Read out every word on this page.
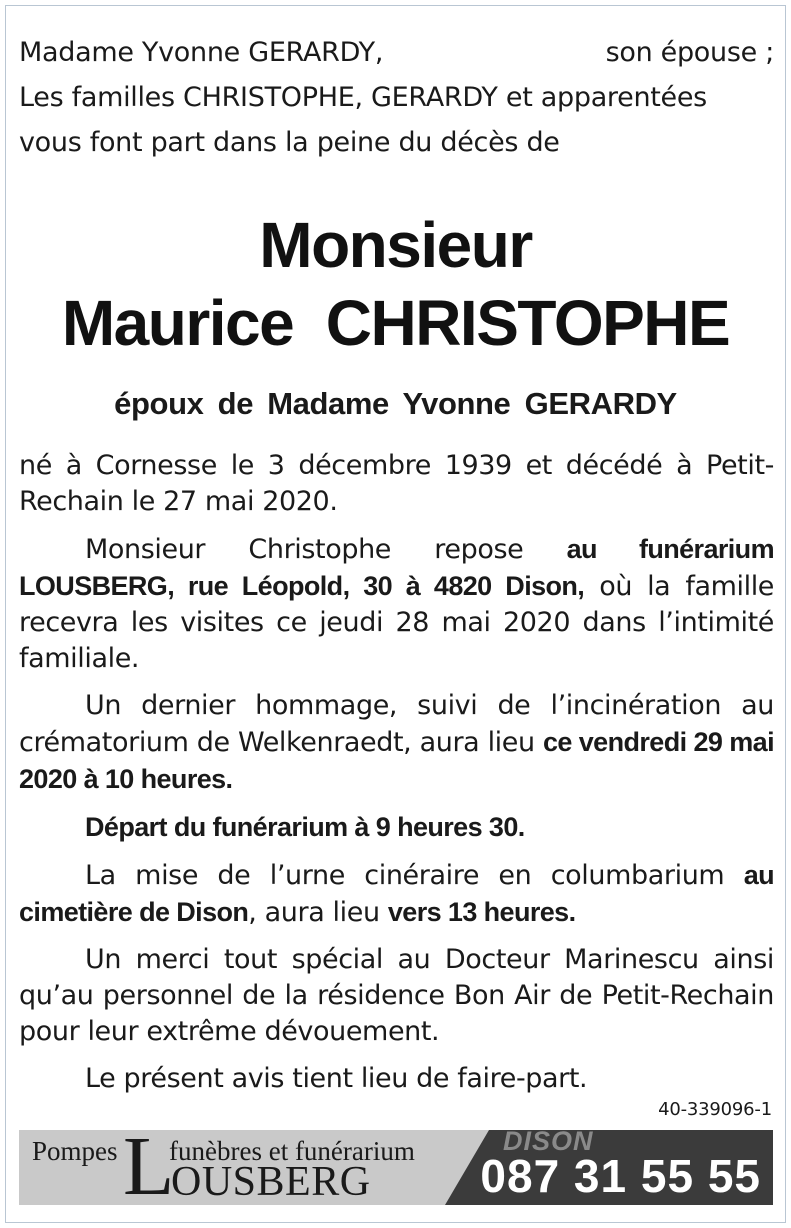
Madame Yvonne GERARDY,	son épouse ;
Les familles CHRISTOPHE, GERARDY et apparentées
vous font part dans la peine du décès de
Monsieur
Maurice  CHRISTOPHE
époux de Madame Yvonne GERARDY

né à Cornesse le 3 décembre 1939 et décédé à Petit-Rechain le 27 mai 2020.

Monsieur Christophe repose au funérarium LOUSBERG, rue Léopold, 30 à 4820 Dison, où la famille recevra les visites ce jeudi 28 mai 2020 dans l’intimité familiale.

Un dernier hommage, suivi de l’incinération au crématorium de Welkenraedt, aura lieu ce vendredi 29 mai 2020 à 10 heures.

Départ du funérarium à 9 heures 30.

La mise de l’urne cinéraire en columbarium au cimetière de Dison, aura lieu vers 13 heures.

Un merci tout spécial au Docteur Marinescu ainsi qu’au personnel de la résidence Bon Air de Petit-Rechain pour leur extrême dévouement.

Le présent avis tient lieu de faire-part.

40-339096-1
Pompes L
funèbres et funérarium
OUSBERG
DISON
087 31 55 55
